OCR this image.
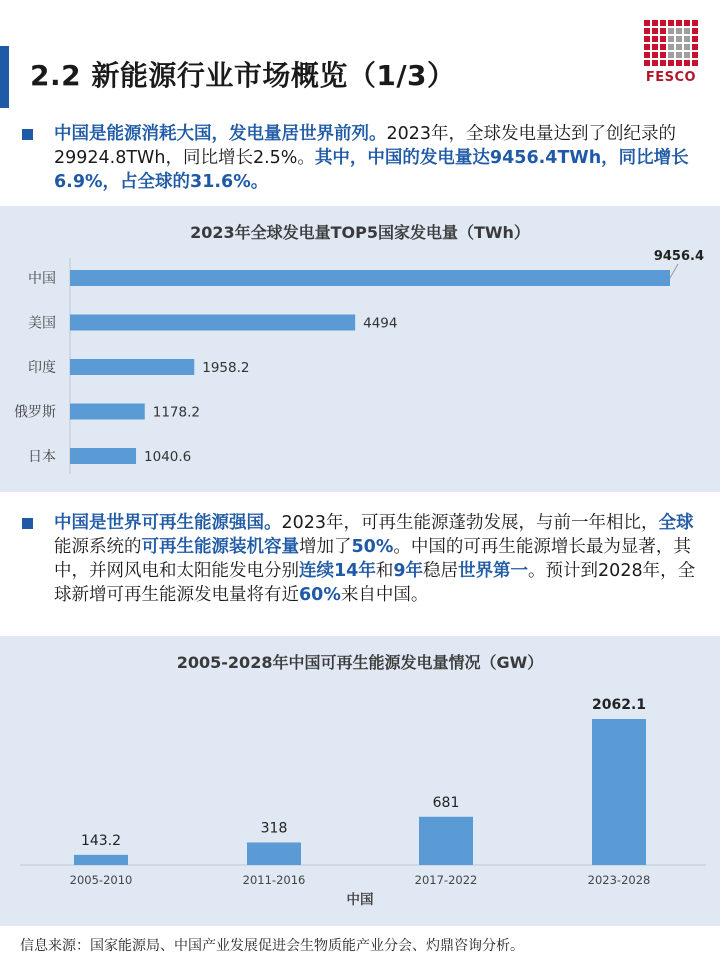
2.2 新能源行业市场概览（1/3）	FESCO
中国是能源消耗大国，发电量居世界前列。2023年，全球发电量达到了创纪录的29924.8TWh，同比增长2.5%。其中，中国的发电量达9456.4TWh，同比增长6.9%，占全球的31.6%。
2023年全球发电量TOP5国家发电量（TWh）
中国
9456.4
美国	4494
印度	1958.2
俄罗斯	1178.2
日本	1040.6
中国是世界可再生能源强国。2023年，可再生能源蓬勃发展，与前一年相比，全球能源系统的可再生能源装机容量增加了50%。中国的可再生能源增长最为显著，其中，并网风电和太阳能发电分别连续14年和9年稳居世界第一。预计到2028年，全球新增可再生能源发电量将有近60%来自中国。
2005-2028年中国可再生能源发电量情况（GW）
143.2
2005-2010
318
2011-2016
681
2017-2022
2062.1
2023-2028
中国
信息来源：国家能源局、中国产业发展促进会生物质能产业分会、灼鼎咨询分析。
